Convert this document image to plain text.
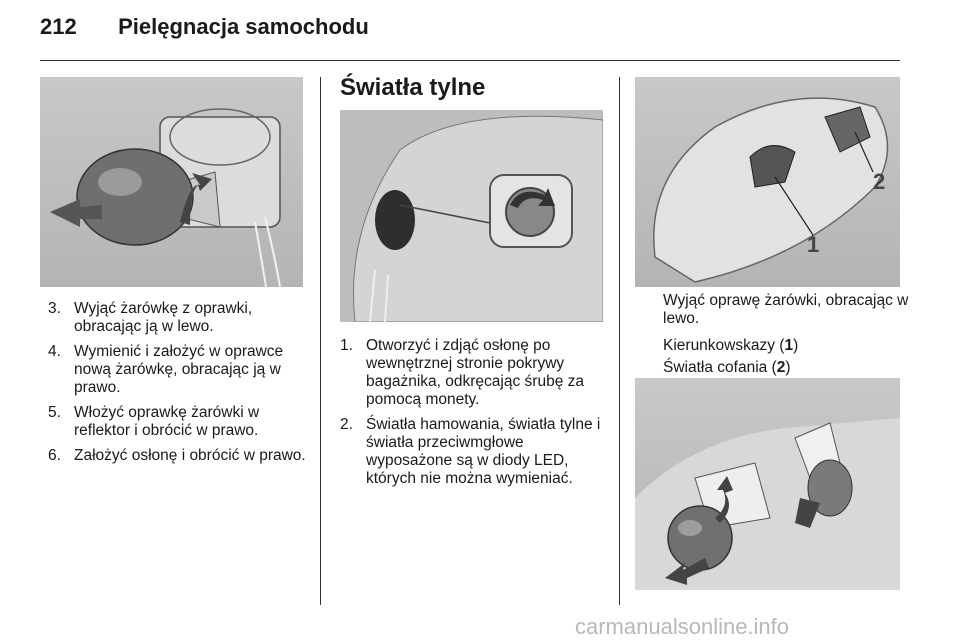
212 Pielęgnacja samochodu
3. Wyjąć żarówkę z oprawki, obracając ją w lewo.
4. Wymienić i założyć w oprawce nową żarówkę, obracając ją w prawo.
5. Włożyć oprawkę żarówki w reflektor i obrócić w prawo.
6. Założyć osłonę i obrócić w prawo.
Światła tylne
1. Otworzyć i zdjąć osłonę po wewnętrznej stronie pokrywy bagażnika, odkręcając śrubę za pomocą monety.
2. Światła hamowania, światła tylne i światła przeciwmgłowe wyposażone są w diody LED, których nie można wymieniać.
1
2

Wyjąć oprawę żarówki, obracając w lewo.

Kierunkowskazy (1)

Światła cofania (2)

carmanualsonline.info
